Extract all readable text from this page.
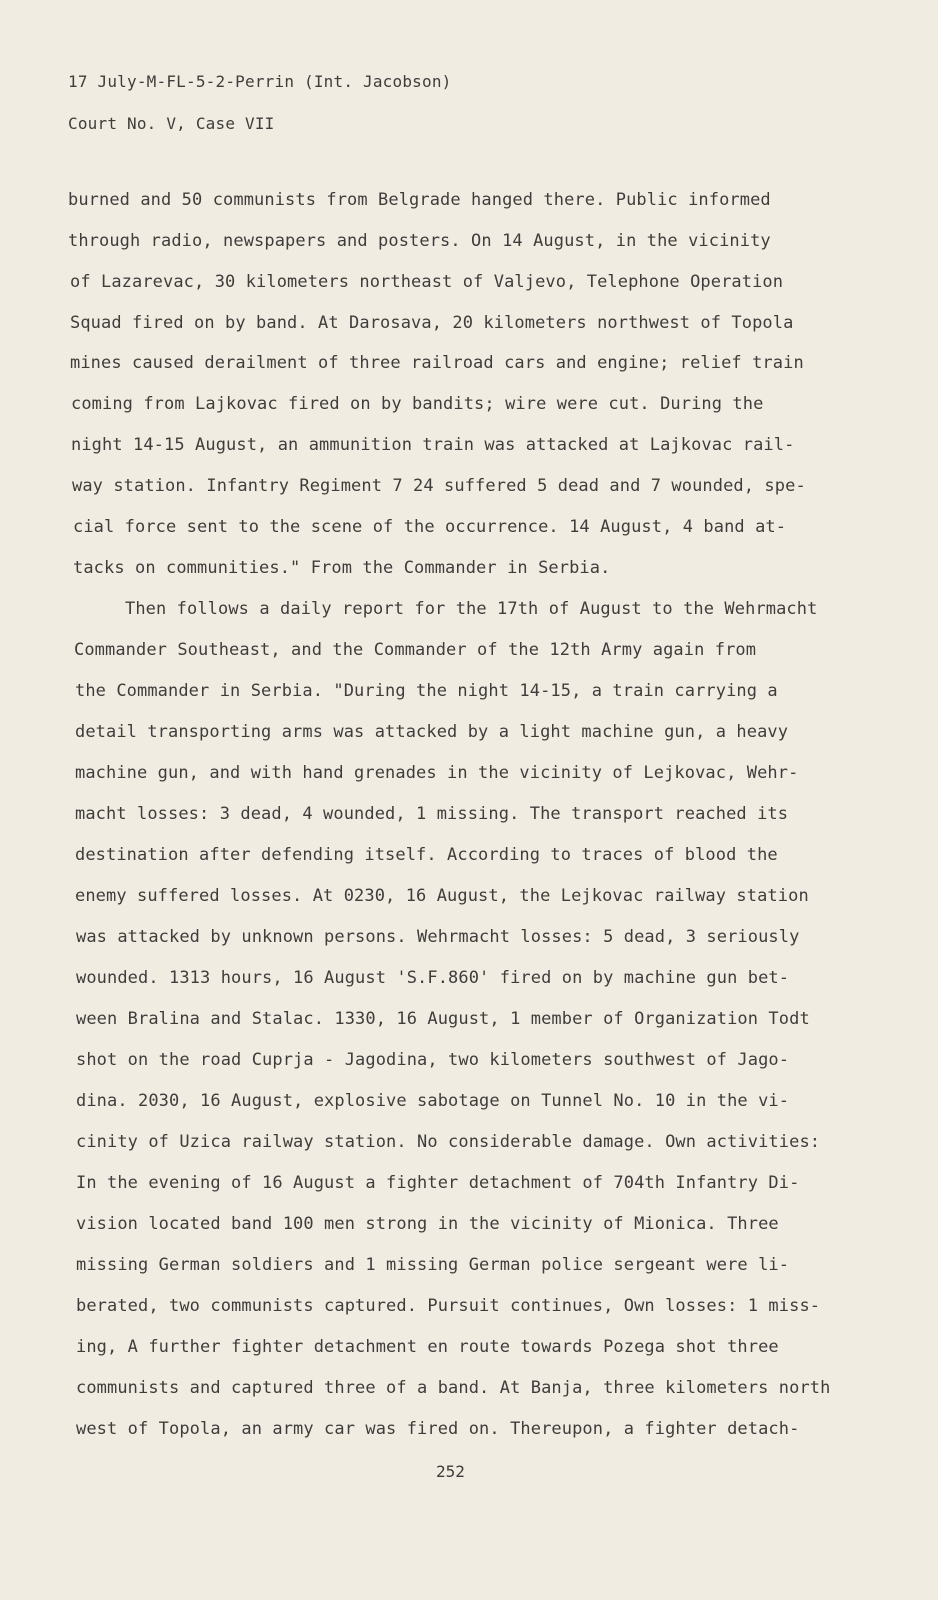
17 July-M-FL-5-2-Perrin (Int. Jacobson)
Court No. V, Case VII
burned and 50 communists from Belgrade hanged there. Public informed
through radio, newspapers and posters. On 14 August, in the vicinity
of Lazarevac, 30 kilometers northeast of Valjevo, Telephone Operation
Squad fired on by band. At Darosava, 20 kilometers northwest of Topola
mines caused derailment of three railroad cars and engine; relief train
coming from Lajkovac fired on by bandits; wire were cut. During the
night 14-15 August, an ammunition train was attacked at Lajkovac rail-
way station. Infantry Regiment 7 24 suffered 5 dead and 7 wounded, spe-
cial force sent to the scene of the occurrence. 14 August, 4 band at-
tacks on communities." From the Commander in Serbia.
Then follows a daily report for the 17th of August to the Wehrmacht
Commander Southeast, and the Commander of the 12th Army again from
the Commander in Serbia. "During the night 14-15, a train carrying a
detail transporting arms was attacked by a light machine gun, a heavy
machine gun, and with hand grenades in the vicinity of Lejkovac, Wehr-
macht losses: 3 dead, 4 wounded, 1 missing. The transport reached its
destination after defending itself. According to traces of blood the
enemy suffered losses. At 0230, 16 August, the Lejkovac railway station
was attacked by unknown persons. Wehrmacht losses: 5 dead, 3 seriously
wounded. 1313 hours, 16 August 'S.F.860' fired on by machine gun bet-
ween Bralina and Stalac. 1330, 16 August, 1 member of Organization Todt
shot on the road Cuprja - Jagodina, two kilometers southwest of Jago-
dina. 2030, 16 August, explosive sabotage on Tunnel No. 10 in the vi-
cinity of Uzica railway station. No considerable damage. Own activities:
In the evening of 16 August a fighter detachment of 704th Infantry Di-
vision located band 100 men strong in the vicinity of Mionica. Three
missing German soldiers and 1 missing German police sergeant were li-
berated, two communists captured. Pursuit continues, Own losses: 1 miss-
ing, A further fighter detachment en route towards Pozega shot three
communists and captured three of a band. At Banja, three kilometers north
west of Topola, an army car was fired on. Thereupon, a fighter detach-
252
